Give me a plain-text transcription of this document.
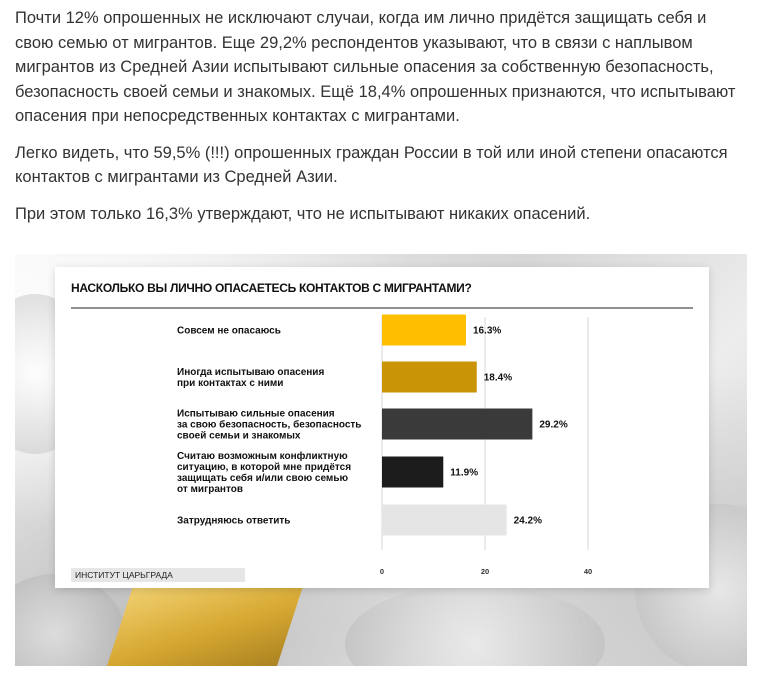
Почти 12% опрошенных не исключают случаи, когда им лично придётся защищать себя и свою семью от мигрантов. Еще 29,2% респондентов указывают, что в связи с наплывом мигрантов из Средней Азии испытывают сильные опасения за собственную безопасность, безопасность своей семьи и знакомых. Ещё 18,4% опрошенных признаются, что испытывают опасения при непосредственных контактах с мигрантами.

Легко видеть, что 59,5% (!!!) опрошенных граждан России в той или иной степени опасаются контактов с мигрантами из Средней Азии.

При этом только 16,3% утверждают, что не испытывают никаких опасений.

НАСКОЛЬКО ВЫ ЛИЧНО ОПАСАЕТЕСЬ КОНТАКТОВ С МИГРАНТАМИ?
Совсем не опасаюсь
Иногда испытываю опасения при контактах с ними
Испытываю сильные опасения за свою безопасность, безопасность своей семьи и знакомых
Считаю возможным конфликтную ситуацию, в которой мне придётся защищать себя и/или свою семью от мигрантов
Затрудняюсь ответить
16.3%
18.4%
29.2%
11.9%
24.2%
0	20	40
ИНСТИТУТ ЦАРЬГРАДА
